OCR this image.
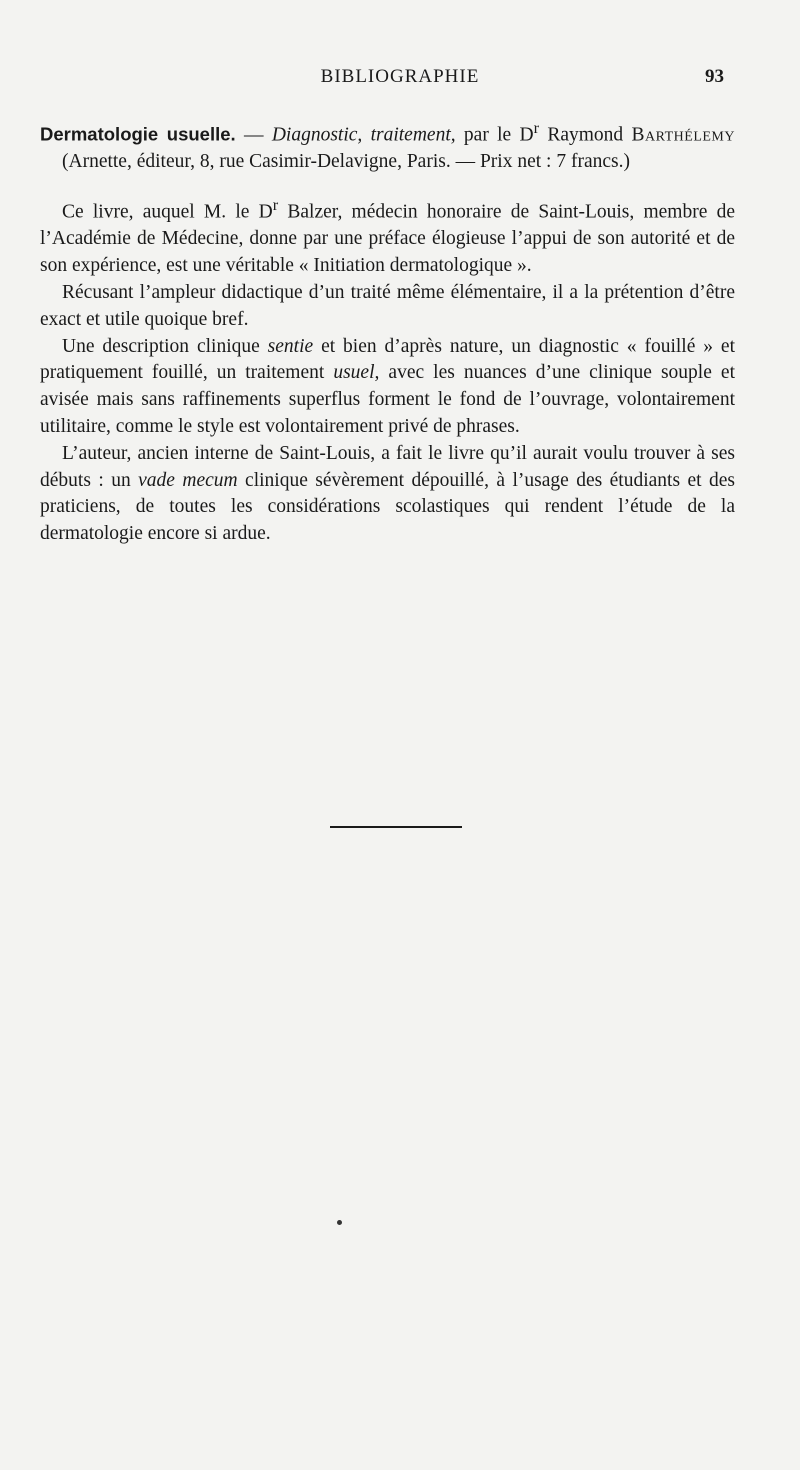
BIBLIOGRAPHIE	93

Dermatologie usuelle. — Diagnostic, traitement, par le $D^r$ Raymond Barthélemy (Arnette, éditeur, 8, rue Casimir-Delavigne, Paris. — Prix net : 7 francs.)

Ce livre, auquel M. le $D^r$ Balzer, médecin honoraire de Saint-Louis, membre de l’Académie de Médecine, donne par une préface élogieuse l’appui de son autorité et de son expérience, est une véritable « Initiation dermatologique ».

Récusant l’ampleur didactique d’un traité même élémentaire, il a la prétention d’être exact et utile quoique bref.

Une description clinique sentie et bien d’après nature, un diagnostic « fouillé » et pratiquement fouillé, un traitement usuel, avec les nuances d’une clinique souple et avisée mais sans raffinements superflus forment le fond de l’ouvrage, volontairement utilitaire, comme le style est volontairement privé de phrases.

L’auteur, ancien interne de Saint-Louis, a fait le livre qu’il aurait voulu trouver à ses débuts : un vade mecum clinique sévèrement dépouillé, à l’usage des étudiants et des praticiens, de toutes les considérations scolastiques qui rendent l’étude de la dermatologie encore si ardue.
